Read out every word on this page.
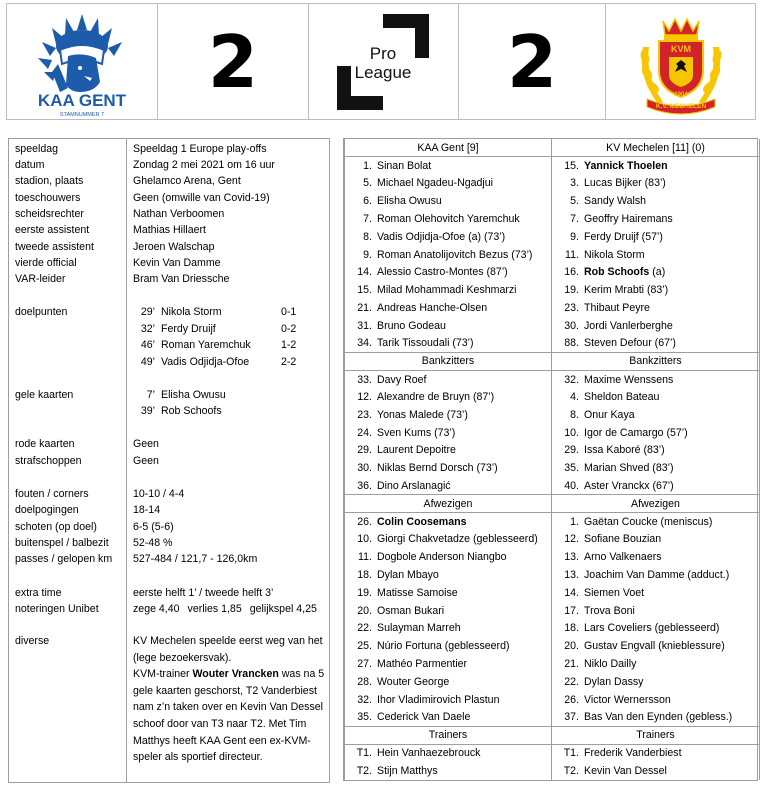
KAA GENT
STAMNUMMER 7
2	Pro
League 2	KVM
K.V. MECHELEN
1904
speeldag	Speeldag 1 Europe play-offs
datum	Zondag 2 mei 2021 om 16 uur
stadion, plaats	Ghelamco Arena, Gent
toeschouwers	Geen (omwille van Covid-19)
scheidsrechter	Nathan Verboomen
eerste assistent	Mathias Hillaert
tweede assistent	Jeroen Walschap
vierde official	Kevin Van Damme
VAR-leider	Bram Van Driessche
doelpunten	29’ Nikola Storm	0-1
32’ Ferdy Druijf	0-2
46’ Roman Yaremchuk	1-2
49’ Vadis Odjidja-Ofoe	2-2
gele kaarten	7’ Elisha Owusu
39’ Rob Schoofs
rode kaarten	Geen
strafschoppen	Geen
fouten / corners	10-10 / 4-4
doelpogingen	18-14
schoten (op doel)	6-5 (5-6)
buitenspel / balbezit 52-48 %
passes / gelopen km 527-484 / 121,7 - 126,0km
extra time	eerste helft 1’ / tweede helft 3’
noteringen Unibet	zege 4,40 verlies 1,85 gelijkspel 4,25
diverse	KV Mechelen speelde eerst weg van het (lege bezoekersvak).
KVM-trainer Wouter Vrancken was na 5 gele kaarten geschorst, T2 Vanderbiest nam z’n taken over en Kevin Van Dessel schoof door van T3 naar T2. Met Tim Matthys heeft KAA Gent een ex-KVM-speler als sportief directeur.
KAA Gent [9]	KV Mechelen [11] (0)
1. Sinan Bolat	15. Yannick Thoelen
5. Michael Ngadeu-Ngadjui	3. Lucas Bijker (83’)
6. Elisha Owusu	5. Sandy Walsh
7. Roman Olehovitch Yaremchuk	7. Geoffry Hairemans
8. Vadis Odjidja-Ofoe (a) (73’)	9. Ferdy Druijf (57’)
9. Roman Anatolijovitch Bezus (73’)	11. Nikola Storm
14. Alessio Castro-Montes (87’)	16. Rob Schoofs (a)
15. Milad Mohammadi Keshmarzi	19. Kerim Mrabti (83’)
21. Andreas Hanche-Olsen	23. Thibaut Peyre
31. Bruno Godeau	30. Jordi Vanlerberghe
34. Tarik Tissoudali (73’)	88. Steven Defour (67’)
Bankzitters	Bankzitters
33. Davy Roef	32. Maxime Wenssens
12. Alexandre de Bruyn (87’)	4. Sheldon Bateau
23. Yonas Malede (73’)	8. Onur Kaya
24. Sven Kums (73’)	10. Igor de Camargo (57’)
29. Laurent Depoitre	29. Issa Kaboré (83’)
30. Niklas Bernd Dorsch (73’)	35. Marian Shved (83’)
36. Dino Arslanagić	40. Aster Vranckx (67’)
Afwezigen	Afwezigen
26. Colin Coosemans	1. Gaëtan Coucke (meniscus)
10. Giorgi Chakvetadze (geblesseerd)	12. Sofiane Bouzian
11. Dogbole Anderson Niangbo	13. Arno Valkenaers
18. Dylan Mbayo	13. Joachim Van Damme (adduct.)
19. Matisse Samoise	14. Siemen Voet
20. Osman Bukari	17. Trova Boni
22. Sulayman Marreh	18. Lars Coveliers (geblesseerd)
25. Núrio Fortuna (geblesseerd)	20. Gustav Engvall (knieblessure)
27. Mathéo Parmentier	21. Niklo Dailly
28. Wouter George	22. Dylan Dassy
32. Ihor Vladimirovich Plastun	26. Victor Wernersson
35. Cederick Van Daele	37. Bas Van den Eynden (gebless.)
Trainers	Trainers
T1. Hein Vanhaezebrouck	T1. Frederik Vanderbiest
T2. Stijn Matthys	T2. Kevin Van Dessel
